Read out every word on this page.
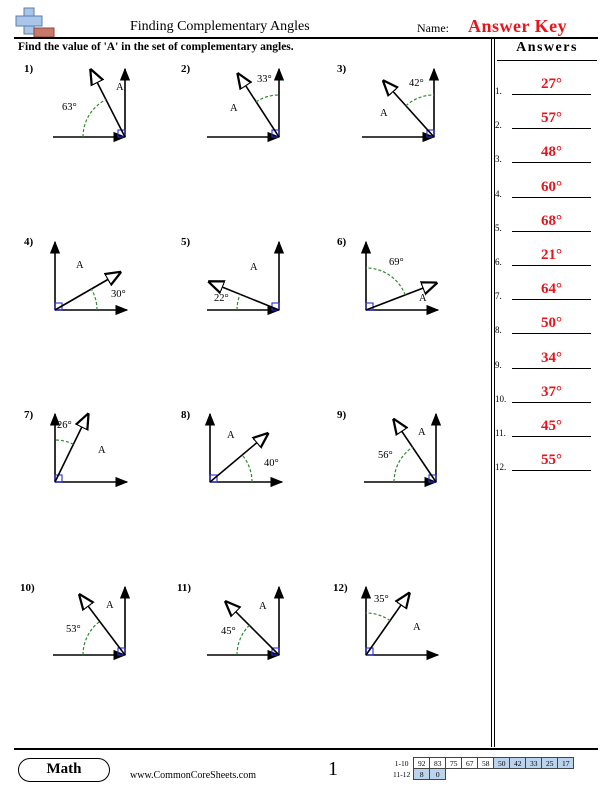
Finding Complementary Angles	Name: Answer Key
Find the value of 'A' in the set of complementary angles.	Answers
1.	27°
2.	57°
3.	48°
4.	60°
5.	68°
6.	21°
7.	64°
8.	50°
9.	34°
10.	37°
11.	45°
12.	55°
63°
A
33°
A
42°
A
30°
A
22°
A	69°
A
26°
A
40°
A
56°
A
53°
A
45°
A
35°
A
1)	2)	3)
4)	5)	6)
7)	8)	9)
10)	11)	12)
Math	www.CommonCoreSheets.com	1	1-10	92	83	75	67	58	50	42	33	25	17
11-12	8	0								
